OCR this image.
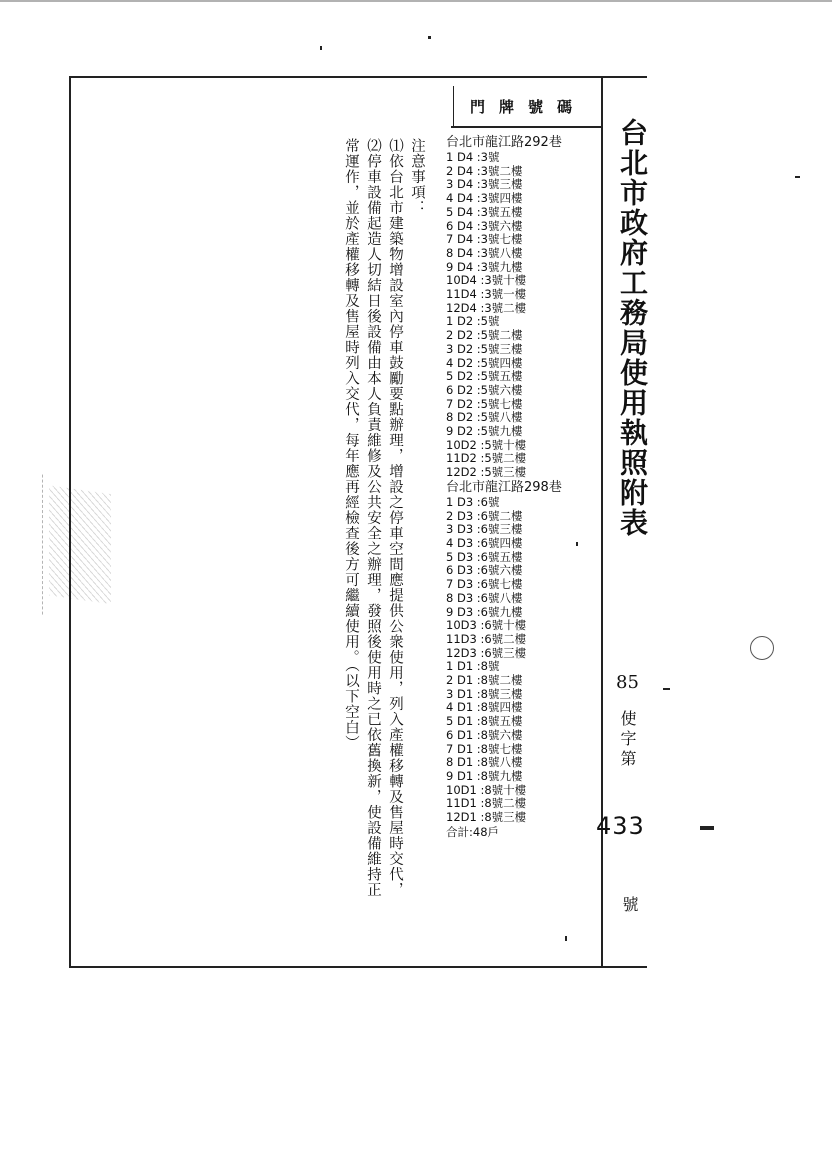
門牌號碼
台北市政府工務局使用執照附表
85
使字第
433
號

注意事項：

⑴依台北市建築物增設室內停車鼓勵要點辦理，增設之停車空間應提供公衆使用，列入產權移轉及售屋時交代，

⑵停車設備起造人切結日後設備由本人負責維修及公共安全之辦理，發照後使用時之已依舊換新，使設備維持正

常運作，並於產權移轉及售屋時列入交代，每年應再經檢查後方可繼續使用。（以下空白）	台北市龍江路292巷
1 D4 :3號
2 D4 :3號二樓
3 D4 :3號三樓
4 D4 :3號四樓
5 D4 :3號五樓
6 D4 :3號六樓
7 D4 :3號七樓
8 D4 :3號八樓
9 D4 :3號九樓
10D4 :3號十樓
11D4 :3號一樓
12D4 :3號二樓
1 D2 :5號
2 D2 :5號二樓
3 D2 :5號三樓
4 D2 :5號四樓
5 D2 :5號五樓
6 D2 :5號六樓
7 D2 :5號七樓
8 D2 :5號八樓
9 D2 :5號九樓
10D2 :5號十樓
11D2 :5號二樓
12D2 :5號三樓
台北市龍江路298巷
1 D3 :6號
2 D3 :6號二樓
3 D3 :6號三樓
4 D3 :6號四樓
5 D3 :6號五樓
6 D3 :6號六樓
7 D3 :6號七樓
8 D3 :6號八樓
9 D3 :6號九樓
10D3 :6號十樓
11D3 :6號二樓
12D3 :6號三樓
1 D1 :8號
2 D1 :8號二樓
3 D1 :8號三樓
4 D1 :8號四樓
5 D1 :8號五樓
6 D1 :8號六樓
7 D1 :8號七樓
8 D1 :8號八樓
9 D1 :8號九樓
10D1 :8號十樓
11D1 :8號二樓
12D1 :8號三樓
合計:48戶
